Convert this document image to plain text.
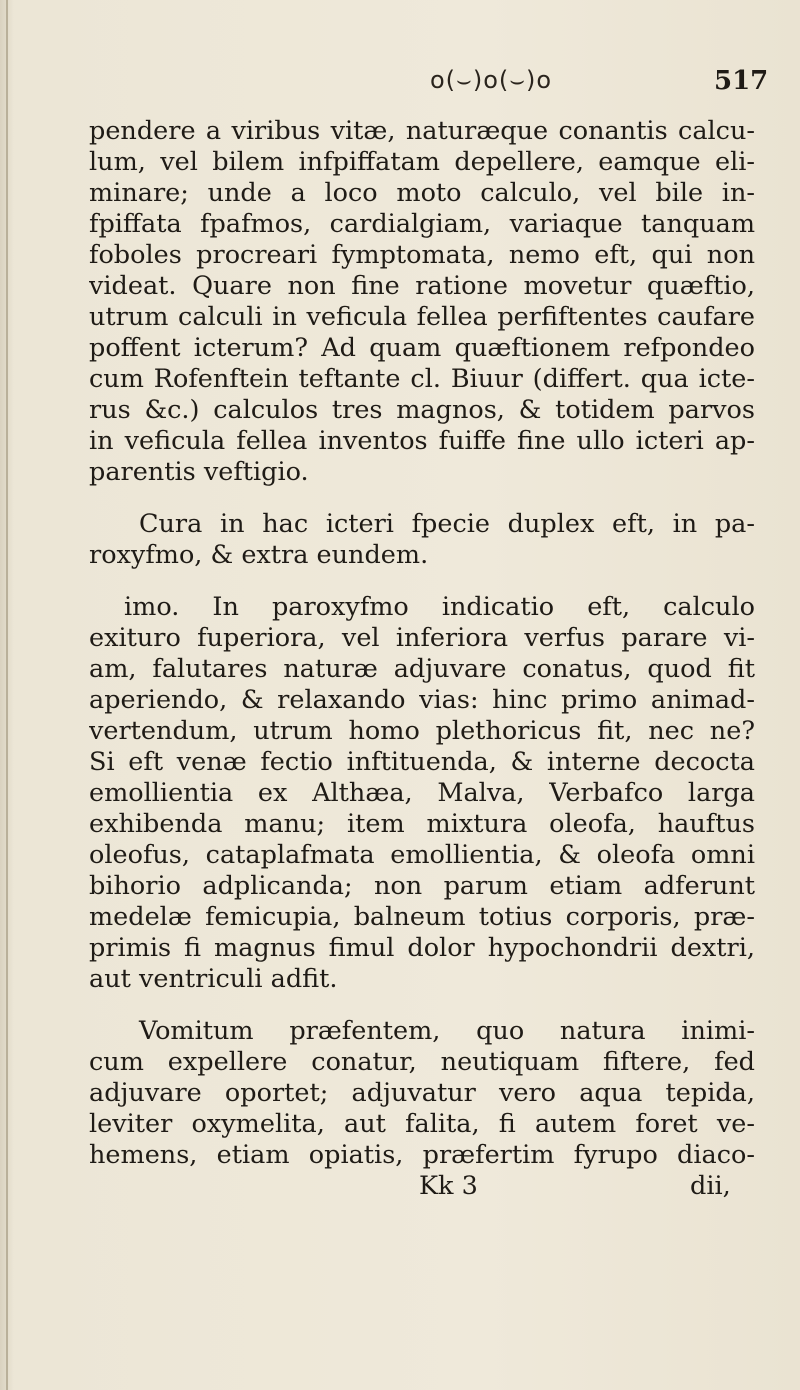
o(⌣)o(⌣)o	517
pendere a viribus vitæ, naturæque conantis calcu-
lum, vel bilem infpiffatam depellere, eamque eli-
minare; unde a loco moto calculo, vel bile in-
fpiffata fpafmos, cardialgiam, variaque tanquam
foboles procreari fymptomata, nemo eft, qui non
videat. Quare non fine ratione movetur quæftio,
utrum calculi in veficula fellea perfiftentes caufare
poffent icterum? Ad quam quæftionem refpondeo
cum Rofenftein teftante cl. Biuur (differt. qua icte-
rus &c.) calculos tres magnos, & totidem parvos
in veficula fellea inventos fuiffe fine ullo icteri ap-
parentis veftigio.
Cura in hac icteri fpecie duplex eft, in pa-
roxyfmo, & extra eundem.
imo. In paroxyfmo indicatio eft, calculo
exituro fuperiora, vel inferiora verfus parare vi-
am, falutares naturæ adjuvare conatus, quod fit
aperiendo, & relaxando vias: hinc primo animad-
vertendum, utrum homo plethoricus fit, nec ne?
Si eft venæ fectio inftituenda, & interne decocta
emollientia ex Althæa, Malva, Verbafco larga
exhibenda manu; item mixtura oleofa, hauftus
oleofus, cataplafmata emollientia, & oleofa omni
bihorio adplicanda; non parum etiam adferunt
medelæ femicupia, balneum totius corporis, præ-
primis fi magnus fimul dolor hypochondrii dextri,
aut ventriculi adfit.
Vomitum præfentem, quo natura inimi-
cum expellere conatur, neutiquam fiftere, fed
adjuvare oportet; adjuvatur vero aqua tepida,
leviter oxymelita, aut falita, fi autem foret ve-
hemens, etiam opiatis, præfertim fyrupo diaco-
Kk 3	dii,
